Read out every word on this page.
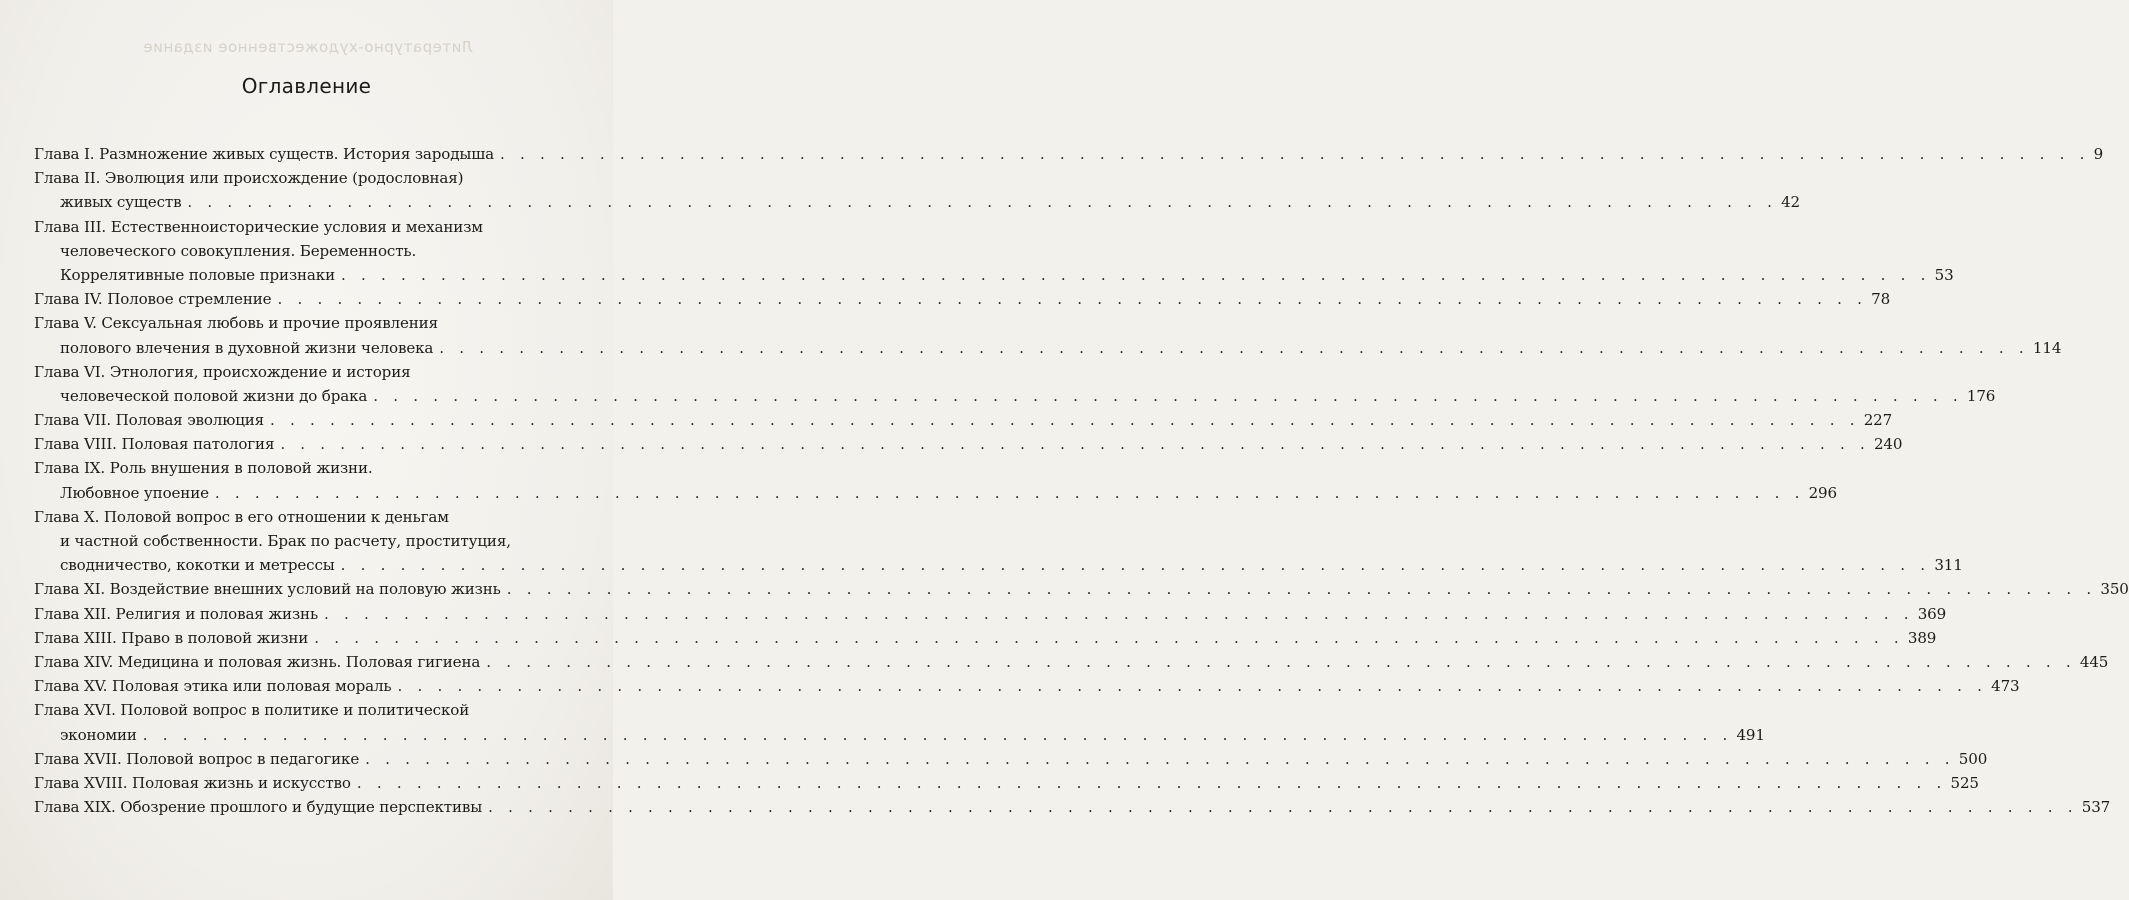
Литературно-художественное издание
Оглавление
Глава I. Размножение живых существ. История зародыша . . . . . . . . . . . . . . . . . . . . . . . . . . . . . . . . . . . . . . . . . . . . . . . . . . . . . . . . . . . . . . . . . . . . . . . . . . . . . . . . 9
Глава II. Эволюция или происхождение (родословная)
живых существ . . . . . . . . . . . . . . . . . . . . . . . . . . . . . . . . . . . . . . . . . . . . . . . . . . . . . . . . . . . . . . . . . . . . . . . . . . . . . . . . 42
Глава III. Естественноисторические условия и механизм
человеческого совокупления. Беременность.
Коррелятивные половые признаки . . . . . . . . . . . . . . . . . . . . . . . . . . . . . . . . . . . . . . . . . . . . . . . . . . . . . . . . . . . . . . . . . . . . . . . . . . . . . . . . 53
Глава IV. Половое стремление . . . . . . . . . . . . . . . . . . . . . . . . . . . . . . . . . . . . . . . . . . . . . . . . . . . . . . . . . . . . . . . . . . . . . . . . . . . . . . . . 78
Глава V. Сексуальная любовь и прочие проявления
полового влечения в духовной жизни человека . . . . . . . . . . . . . . . . . . . . . . . . . . . . . . . . . . . . . . . . . . . . . . . . . . . . . . . . . . . . . . . . . . . . . . . . . . . . . . . . 114
Глава VI. Этнология, происхождение и история
человеческой половой жизни до брака . . . . . . . . . . . . . . . . . . . . . . . . . . . . . . . . . . . . . . . . . . . . . . . . . . . . . . . . . . . . . . . . . . . . . . . . . . . . . . . . 176
Глава VII. Половая эволюция . . . . . . . . . . . . . . . . . . . . . . . . . . . . . . . . . . . . . . . . . . . . . . . . . . . . . . . . . . . . . . . . . . . . . . . . . . . . . . . . 227
Глава VIII. Половая патология . . . . . . . . . . . . . . . . . . . . . . . . . . . . . . . . . . . . . . . . . . . . . . . . . . . . . . . . . . . . . . . . . . . . . . . . . . . . . . . . 240
Глава IX. Роль внушения в половой жизни.
Любовное упоение . . . . . . . . . . . . . . . . . . . . . . . . . . . . . . . . . . . . . . . . . . . . . . . . . . . . . . . . . . . . . . . . . . . . . . . . . . . . . . . . 296
Глава X. Половой вопрос в его отношении к деньгам
и частной собственности. Брак по расчету, проституция,
сводничество, кокотки и метрессы . . . . . . . . . . . . . . . . . . . . . . . . . . . . . . . . . . . . . . . . . . . . . . . . . . . . . . . . . . . . . . . . . . . . . . . . . . . . . . . . 311
Глава XI. Воздействие внешних условий на половую жизнь . . . . . . . . . . . . . . . . . . . . . . . . . . . . . . . . . . . . . . . . . . . . . . . . . . . . . . . . . . . . . . . . . . . . . . . . . . . . . . . . 350
Глава XII. Религия и половая жизнь . . . . . . . . . . . . . . . . . . . . . . . . . . . . . . . . . . . . . . . . . . . . . . . . . . . . . . . . . . . . . . . . . . . . . . . . . . . . . . . . 369
Глава XIII. Право в половой жизни . . . . . . . . . . . . . . . . . . . . . . . . . . . . . . . . . . . . . . . . . . . . . . . . . . . . . . . . . . . . . . . . . . . . . . . . . . . . . . . . 389
Глава XIV. Медицина и половая жизнь. Половая гигиена . . . . . . . . . . . . . . . . . . . . . . . . . . . . . . . . . . . . . . . . . . . . . . . . . . . . . . . . . . . . . . . . . . . . . . . . . . . . . . . . 445
Глава XV. Половая этика или половая мораль . . . . . . . . . . . . . . . . . . . . . . . . . . . . . . . . . . . . . . . . . . . . . . . . . . . . . . . . . . . . . . . . . . . . . . . . . . . . . . . . 473
Глава XVI. Половой вопрос в политике и политической
экономии . . . . . . . . . . . . . . . . . . . . . . . . . . . . . . . . . . . . . . . . . . . . . . . . . . . . . . . . . . . . . . . . . . . . . . . . . . . . . . . . 491
Глава XVII. Половой вопрос в педагогике . . . . . . . . . . . . . . . . . . . . . . . . . . . . . . . . . . . . . . . . . . . . . . . . . . . . . . . . . . . . . . . . . . . . . . . . . . . . . . . . 500
Глава XVIII. Половая жизнь и искусство . . . . . . . . . . . . . . . . . . . . . . . . . . . . . . . . . . . . . . . . . . . . . . . . . . . . . . . . . . . . . . . . . . . . . . . . . . . . . . . . 525
Глава XIX. Обозрение прошлого и будущие перспективы . . . . . . . . . . . . . . . . . . . . . . . . . . . . . . . . . . . . . . . . . . . . . . . . . . . . . . . . . . . . . . . . . . . . . . . . . . . . . . . . 537
